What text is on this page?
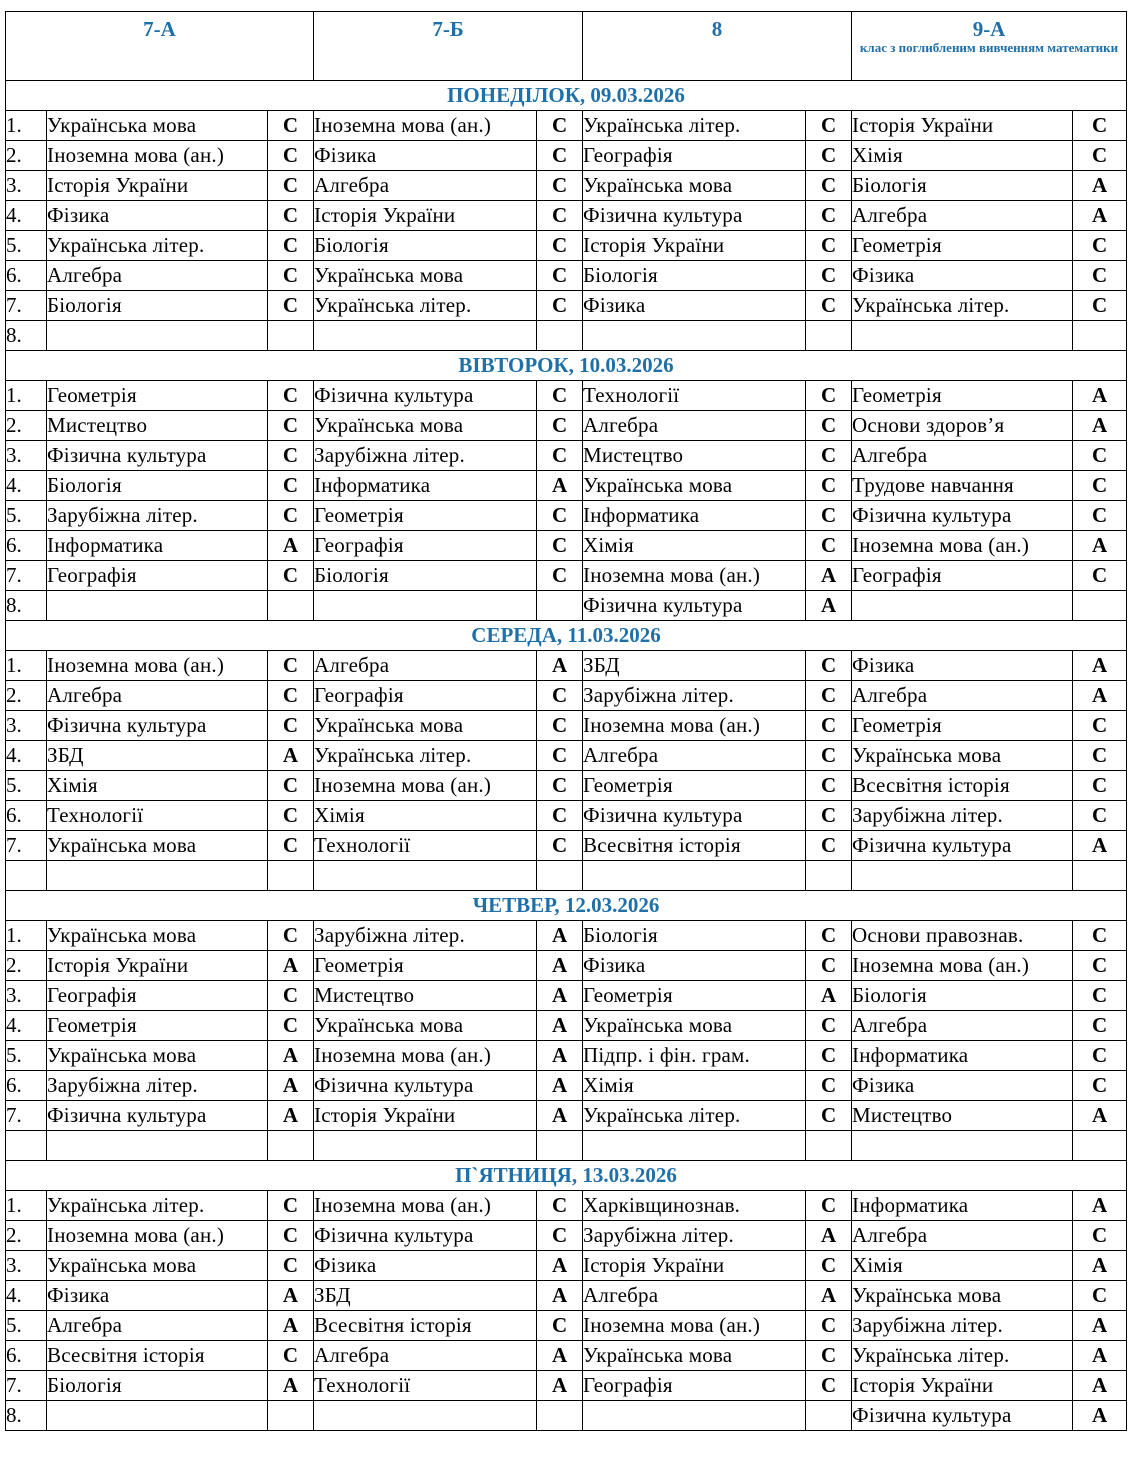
7-А			7-Б		8		9-А
клас з поглибленим вивченням математики	

ПОНЕДІЛОК, 09.03.2026								
1.	Українська мова	С	Іноземна мова (ан.)	С	Українська літер.	С	Історія України	С
2.	Іноземна мова (ан.)	С	Фізика	С	Географія	С	Хімія	С
3.	Історія України	С	Алгебра	С	Українська мова	С	Біологія	А
4.	Фізика	С	Історія України	С	Фізична культура	С	Алгебра	А
5.	Українська літер.	С	Біологія	С	Історія України	С	Геометрія	С
6.	Алгебра	С	Українська мова	С	Біологія	С	Фізика	С
7.	Біологія	С	Українська літер.	С	Фізика	С	Українська літер.	С
8.								
ВІВТОРОК, 10.03.2026								
1.	Геометрія	С	Фізична культура	С	Технології	С	Геометрія	А
2.	Мистецтво	С	Українська мова	С	Алгебра	С	Основи здоров’я	А
3.	Фізична культура	С	Зарубіжна літер.	С	Мистецтво	С	Алгебра	С
4.	Біологія	С	Інформатика	А	Українська мова	С	Трудове навчання	С
5.	Зарубіжна літер.	С	Геометрія	С	Інформатика	С	Фізична культура	С
6.	Інформатика	А	Географія	С	Хімія	С	Іноземна мова (ан.)	А
7.	Географія	С	Біологія	С	Іноземна мова (ан.)	А	Географія	С
8.					Фізична культура	А		
СЕРЕДА, 11.03.2026								
1.	Іноземна мова (ан.)	С	Алгебра	А	ЗБД	С	Фізика	А
2.	Алгебра	С	Географія	С	Зарубіжна літер.	С	Алгебра	А
3.	Фізична культура	С	Українська мова	С	Іноземна мова (ан.)	С	Геометрія	С
4.	ЗБД	А	Українська літер.	С	Алгебра	С	Українська мова	С
5.	Хімія	С	Іноземна мова (ан.)	С	Геометрія	С	Всесвітня історія	С
6.	Технології	С	Хімія	С	Фізична культура	С	Зарубіжна літер.	С
7.	Українська мова	С	Технології	С	Всесвітня історія	С	Фізична культура	А

ЧЕТВЕР, 12.03.2026								
1.	Українська мова	С	Зарубіжна літер.	А	Біологія	С	Основи правознав.	С
2.	Історія України	А	Геометрія	А	Фізика	С	Іноземна мова (ан.)	С
3.	Географія	С	Мистецтво	А	Геометрія	А	Біологія	С
4.	Геометрія	С	Українська мова	А	Українська мова	С	Алгебра	С
5.	Українська мова	А	Іноземна мова (ан.)	А	Підпр. і фін. грам.	С	Інформатика	С
6.	Зарубіжна літер.	А	Фізична культура	А	Хімія	С	Фізика	С
7.	Фізична культура	А	Історія України	А	Українська літер.	С	Мистецтво	А

П`ЯТНИЦЯ, 13.03.2026								
1.	Українська літер.	С	Іноземна мова (ан.)	С	Харківщинознав.	С	Інформатика	А
2.	Іноземна мова (ан.)	С	Фізична культура	С	Зарубіжна літер.	А	Алгебра	С
3.	Українська мова	С	Фізика	А	Історія України	С	Хімія	А
4.	Фізика	А	ЗБД	А	Алгебра	А	Українська мова	С
5.	Алгебра	А	Всесвітня історія	С	Іноземна мова (ан.)	С	Зарубіжна літер.	А
6.	Всесвітня історія	С	Алгебра	А	Українська мова	С	Українська літер.	А
7.	Біологія	А	Технології	А	Географія	С	Історія України	А
8.							Фізична культура	А
